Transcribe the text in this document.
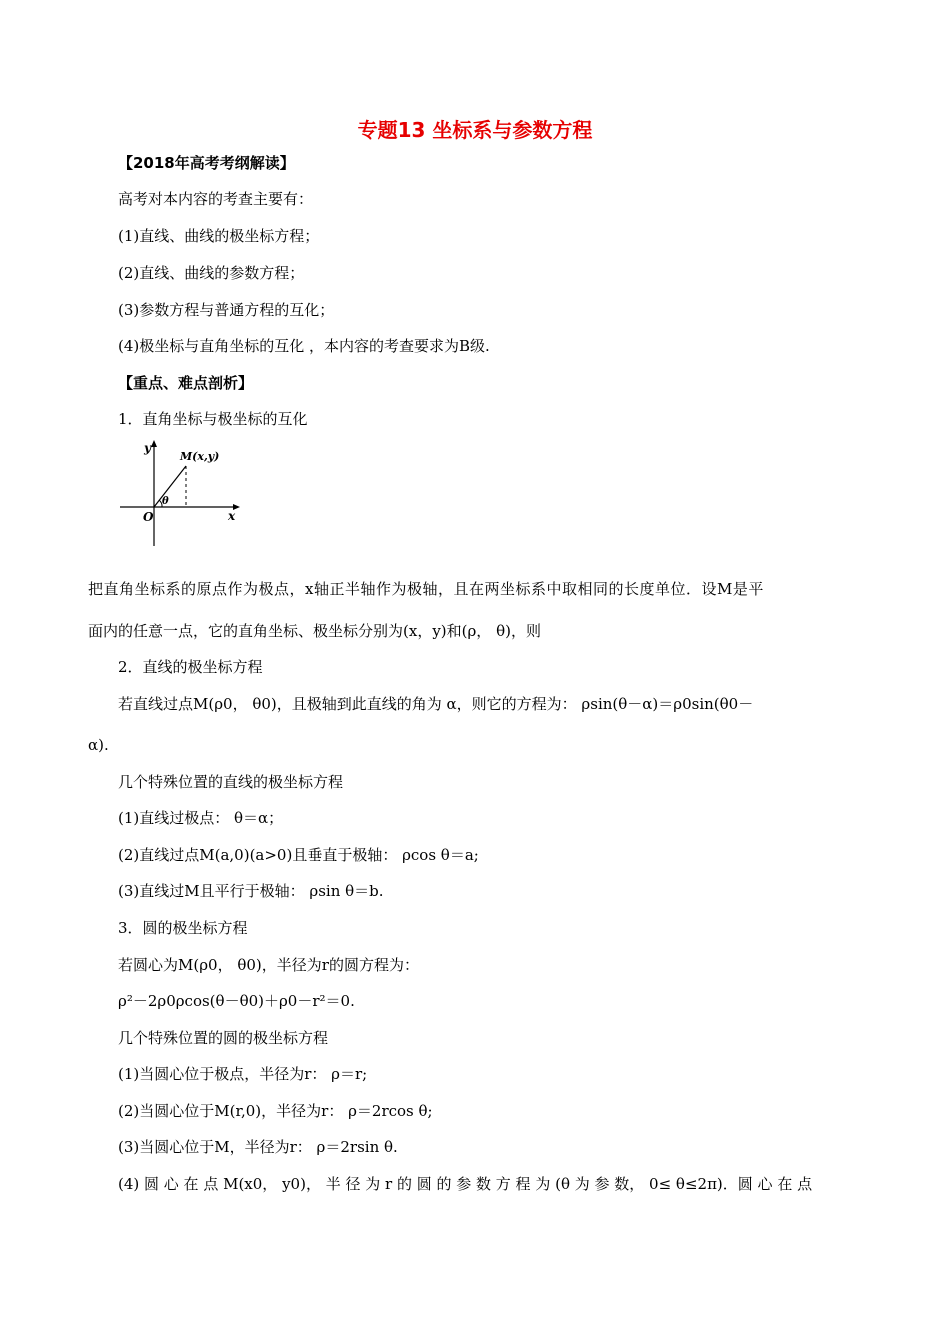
专题13 坐标系与参数方程
【2018年高考考纲解读】
高考对本内容的考查主要有：
(1)直线、曲线的极坐标方程；
(2)直线、曲线的参数方程；
(3)参数方程与普通方程的互化；
(4)极坐标与直角坐标的互化 ，本内容的考查要求为B级.
【重点、难点剖析】
1．直角坐标与极坐标的互化
y
x
O
M(x,y)
θ
把直角坐标系的原点作为极点，x轴正半轴作为极轴，且在两坐标系中取相同的长度单位．设M是平
面内的任意一点，它的直角坐标、极坐标分别为(x，y)和(ρ， θ)，则
2．直线的极坐标方程
若直线过点M(ρ0， θ0)，且极轴到此直线的角为 α，则它的方程为： ρsin(θ－α)＝ρ0sin(θ0－
α).
几个特殊位置的直线的极坐标方程
(1)直线过极点： θ＝α；
(2)直线过点M(a,0)(a>0)且垂直于极轴： ρcos θ＝a;
(3)直线过M且平行于极轴： ρsin θ＝b.
3．圆的极坐标方程
若圆心为M(ρ0， θ0)，半径为r的圆方程为：
ρ²－2ρ0ρcos(θ－θ0)＋ρ0－r²＝0.
几个特殊位置的圆的极坐标方程
(1)当圆心位于极点，半径为r： ρ＝r;
(2)当圆心位于M(r,0)，半径为r： ρ＝2rcos θ;
(3)当圆心位于M，半径为r： ρ＝2rsin θ.
(4) 圆 心 在 点 M(x0， y0)， 半 径 为 r 的 圆 的 参 数 方 程 为 (θ 为 参 数， 0≤ θ≤2π)．圆 心 在 点
